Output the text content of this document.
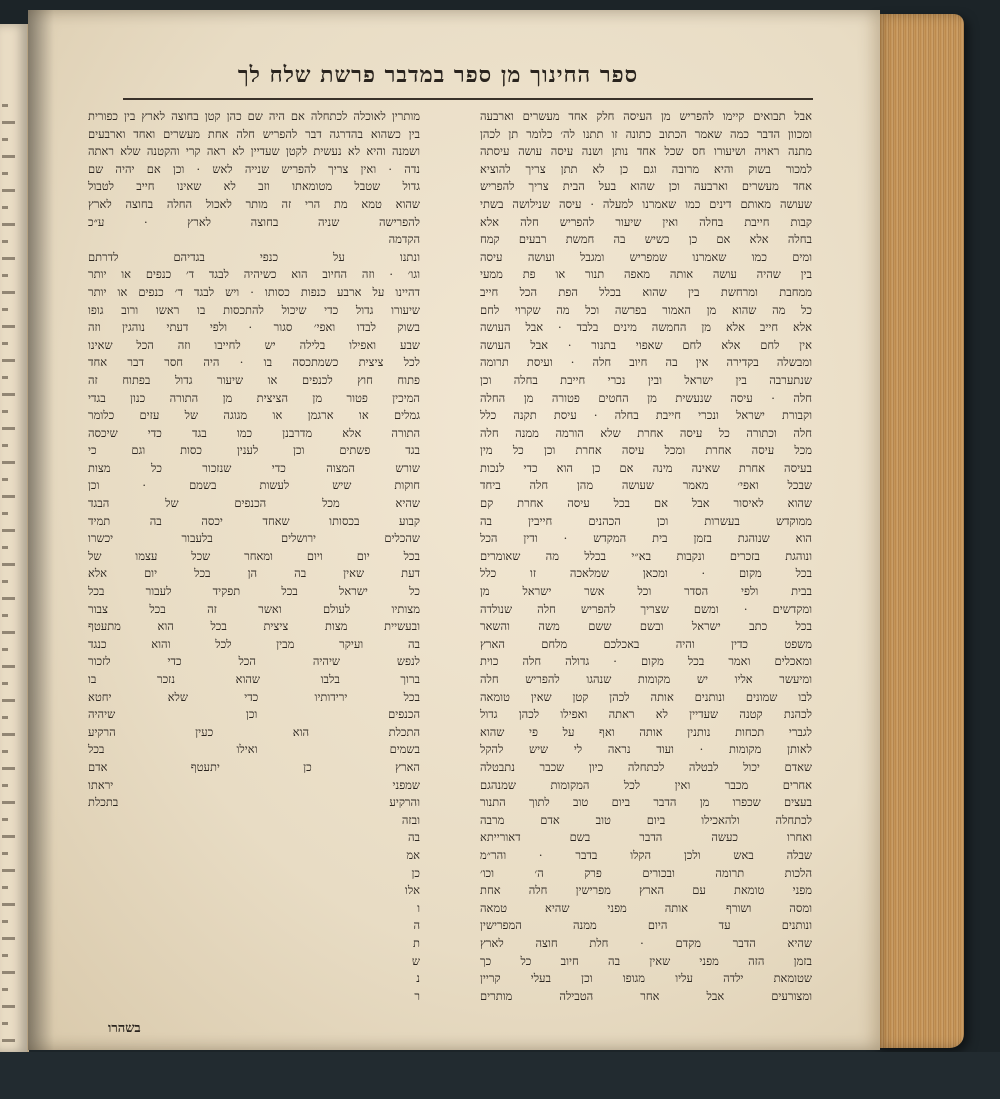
ספר החינוך מן ספר במדבר פרשת שלח לך
אבל תבואים קיימו להפריש מן העיסה חלק אחד מעשרים וארבעה
ומכוון הדבר כמה שאמר הכתוב כתונה זו תתנו לה׳ כלומר תן לכהן
מתנה ראויה ושיעורו חס שכל אחד נותן ושנה עיסה עושה עיסתה
למכור בשוק והיא מרובה וגם כן לא תתן צריך להוציא
אחד מעשרים וארבעה וכן שהוא בעל הבית צריך להפריש
שעושה מאותם דינים כמו שאמרנו למעלה · עיסה שנילושה בשתי
קבות חייבת בחלה ואין שיעור להפריש חלה אלא
בחלה אלא אם כן כשיש בה חמשת רבעים קמח
ומים כמו שאמרנו שמפריש ומגבל ועושה עיסה
בין שהיה עושה אותה מאפה תנור או פת ממעי
ממחבת ומרחשת בין שהוא בכלל הפת הכל חייב
כל מה שהוא מן האמור בפרשה וכל מה שקרוי לחם
אלא חייב אלא מן החמשה מינים בלבד · אבל העושה
אין לחם אלא לחם שאפוי בתנור · אבל העושה
ומבשלה בקדירה אין בה חיוב חלה · ועיסת תרומה
שנתערבה בין ישראל ובין נכרי חייבת בחלה וכן
חלה · עיסה שנעשית מן החטים פטורה מן החלה
וקבורת ישראל ונכרי חייבת בחלה · עיסת תקנה כלל
חלה וכתורה כל עיסה אחרת שלא הורמה ממנה חלה
מכל עיסה אחרת ומכל עיסה אחרת וכן כל מין
בעיסה אחרת שאינה מינה אם כן הוא כדי לנכות
שבכל ואפי׳ מאמר שעושה מהן חלה ביחד
שהוא לאיסור אבל אם בכל עיסה אחרת קם
ממוקדש בעשרות וכן הכהנים חייבין בה
הוא שנוהגת בזמן בית המקדש · ודין הכל
ונוהגת בזכרים ונקבות בא״י בכלל מה שאומרים
בכל מקום · ומכאן שמלאכה זו כלל
בבית ולפי הסדר וכל אשר ישראל מן
ומקדשים · ומשם שצריך להפריש חלה שנולדה
בכל כתב ישראל ובשם ששם משה והשאר
משפט כדין והיה באכלכם מלחם הארץ
ומאכלים ואמר בכל מקום · גדולה חלה כוית
ומיעשר אליו יש מקומות שנהגו להפריש חלה
לבו שמונים ונותנים אותה לכהן קטן שאין טומאה
לכהנת קטנה שעדיין לא ראתה ואפילו לכהן גדול
לגברי תכחות נותנין אותה ואף על פי שהוא
לאותן מקומות · ועוד נראה לי שיש להקל
שאדם יכול לבטלה לכתחלה כיון שכבר נתבטלה
אחרים מכבר ואין לכל המקומות שמנהגם
בעצים שכפרו מן הדבר ביום טוב לתוך התנור
לכתחלה ולהאכילו ביום טוב אדם מרבה
ואחרו כעשה הדבר בשם דאורייתא
שבלה באש ולכן הקלו בדבר · והר״מ
הלכות תרומה ובכורים פרק ה׳ וכו׳
מפני טומאת עם הארץ מפרישין חלה אחת
ומסה ושורף אותה מפני שהיא טמאה
ונותנים עד היום ממנה המפרישין
שהיא הדבר מקדם · חלת חוצה לארץ
בזמן הזה מפני שאין בה חיוב כל כך
שטומאת ילדה עליו מגופו וכן בעלי קריין
ומצורעים אבל אחר הטבילה מותרים
מותרין לאוכלה לכתחלה אם היה שם כהן קטן בחוצה לארץ בין כפורית
בין כשהוא בהדרגה דבר להפריש חלה אחת מעשרים ואחד וארבעים
ושמנה והיא לא נעשית לקטן שעדיין לא ראה קרי והקטנה שלא ראתה
נדה · ואין צריך להפריש שנייה לאש · וכן אם יהיה שם
גדול שטבל מטומאתו וזב לא שאינו חייב לטבול
שהוא טמא מת הרי זה מותר לאכול החלה בחוצה לארץ
להפרישה שניה בחוצה לארץ · ע״כ
הקדמה
ונתנו על כנפי בגדיהם לדרתם
וגו׳ · וזה החיוב הוא כשיהיה לבגד ד׳ כנפים או יותר
דהיינו על ארבע כנפות כסותו · ויש לבגד ד׳ כנפים או יותר
שיעורו גדול כדי שיכול להתכסות בו ראשו ורוב גופו
בשוק לבדו ואפי׳ סגור · ולפי דעתי נוהגין וזה
שבע ואפילו בלילה יש לחייבו וזה הכל שאינו
לכל ציצית כשמתכסה בו · היה חסר דבר אחד
פתוח חוץ לכנפים או שיעור גדול בפתוח זה
המיכין פטור מן הציצית מן התורה כנון בגדי
גמלים או ארגמן או מגוגה של עזים כלומר
התורה אלא מדרבנן כמו בגד כדי שיכסה
בגד פשתים וכן לענין כסות וגם כי
שורש המצוה כדי שנזכור כל מצות
חוקות שיש לעשות בשמם · וכן
שהיא מכל הכנפים של הבגד
קבוע בכסותו שאחד יכסה בה תמיד
שהכלים ירושלים בלעבור יכשרו
בכל יום ויום ומאחר שכל עצמו של
דעת שאין בה הן בכל יום אלא
כל ישראל בכל תפקיד לעבור בכל
מצותיו לעולם ואשר זה בכל צבור
ובעשיית מצות ציצית בכל הוא מתעטף
בה ועיקר מבין לכל והוא כנגד
לנפש שיהיה הכל כדי לזכור
ברוך בלבו שהוא נזכר בו
בכל ירידותיו כדי שלא יחטא
הכנפים וכן שיהיה
התכלת הוא כעין הרקיע
בשמים ואילו בכל
הארץ כן יתעטף אדם
שמפני יראתו
והרקיע בתכלת
ובזה
בה
אמ
כן
אלו
ו
ה
ת
ש
נ
ר
בשהרו
